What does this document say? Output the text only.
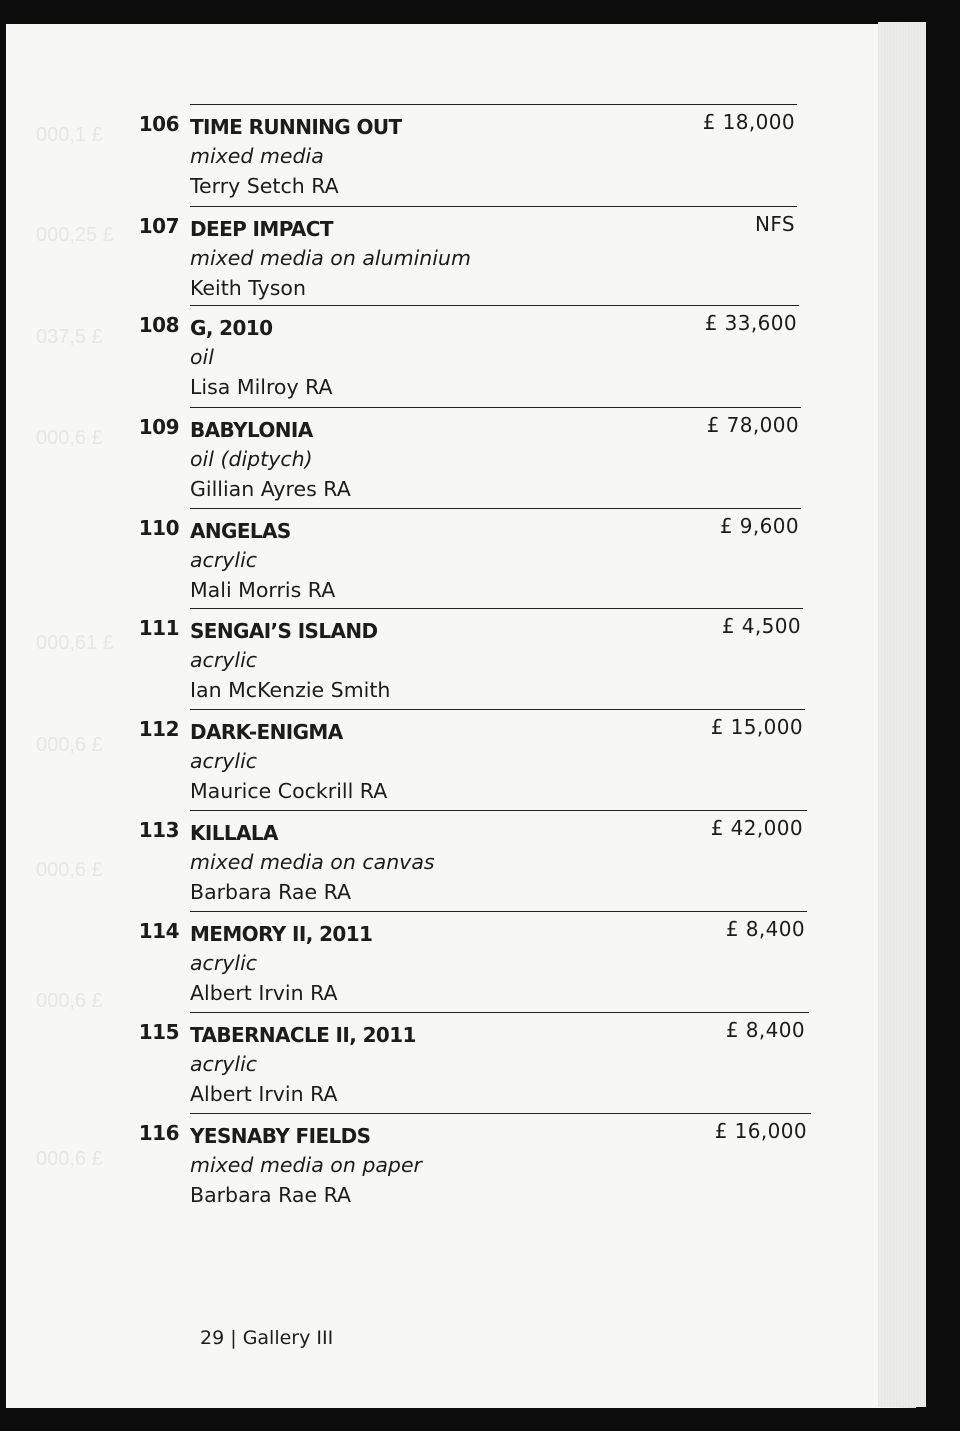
000,1 £
000,25 £
037,5 £
000,6 £
000,61 £
000,6 £
000,6 £
000,6 £
000,6 £
106 TIME RUNNING OUT
mixed media
Terry Setch RA
£ 18,000
107 DEEP IMPACT
mixed media on aluminium
Keith Tyson
NFS
108 G, 2010
oil
Lisa Milroy RA
£ 33,600
109 BABYLONIA
oil (diptych)
Gillian Ayres RA
£ 78,000
110 ANGELAS
acrylic
Mali Morris RA
£ 9,600
111 SENGAI’S ISLAND
acrylic
Ian McKenzie Smith
£ 4,500
112 DARK-ENIGMA
acrylic
Maurice Cockrill RA
£ 15,000
113 KILLALA
mixed media on canvas
Barbara Rae RA
£ 42,000
114 MEMORY II, 2011
acrylic
Albert Irvin RA
£ 8,400
115 TABERNACLE II, 2011
acrylic
Albert Irvin RA
£ 8,400
116 YESNABY FIELDS
mixed media on paper
Barbara Rae RA
£ 16,000
29 | Gallery III
